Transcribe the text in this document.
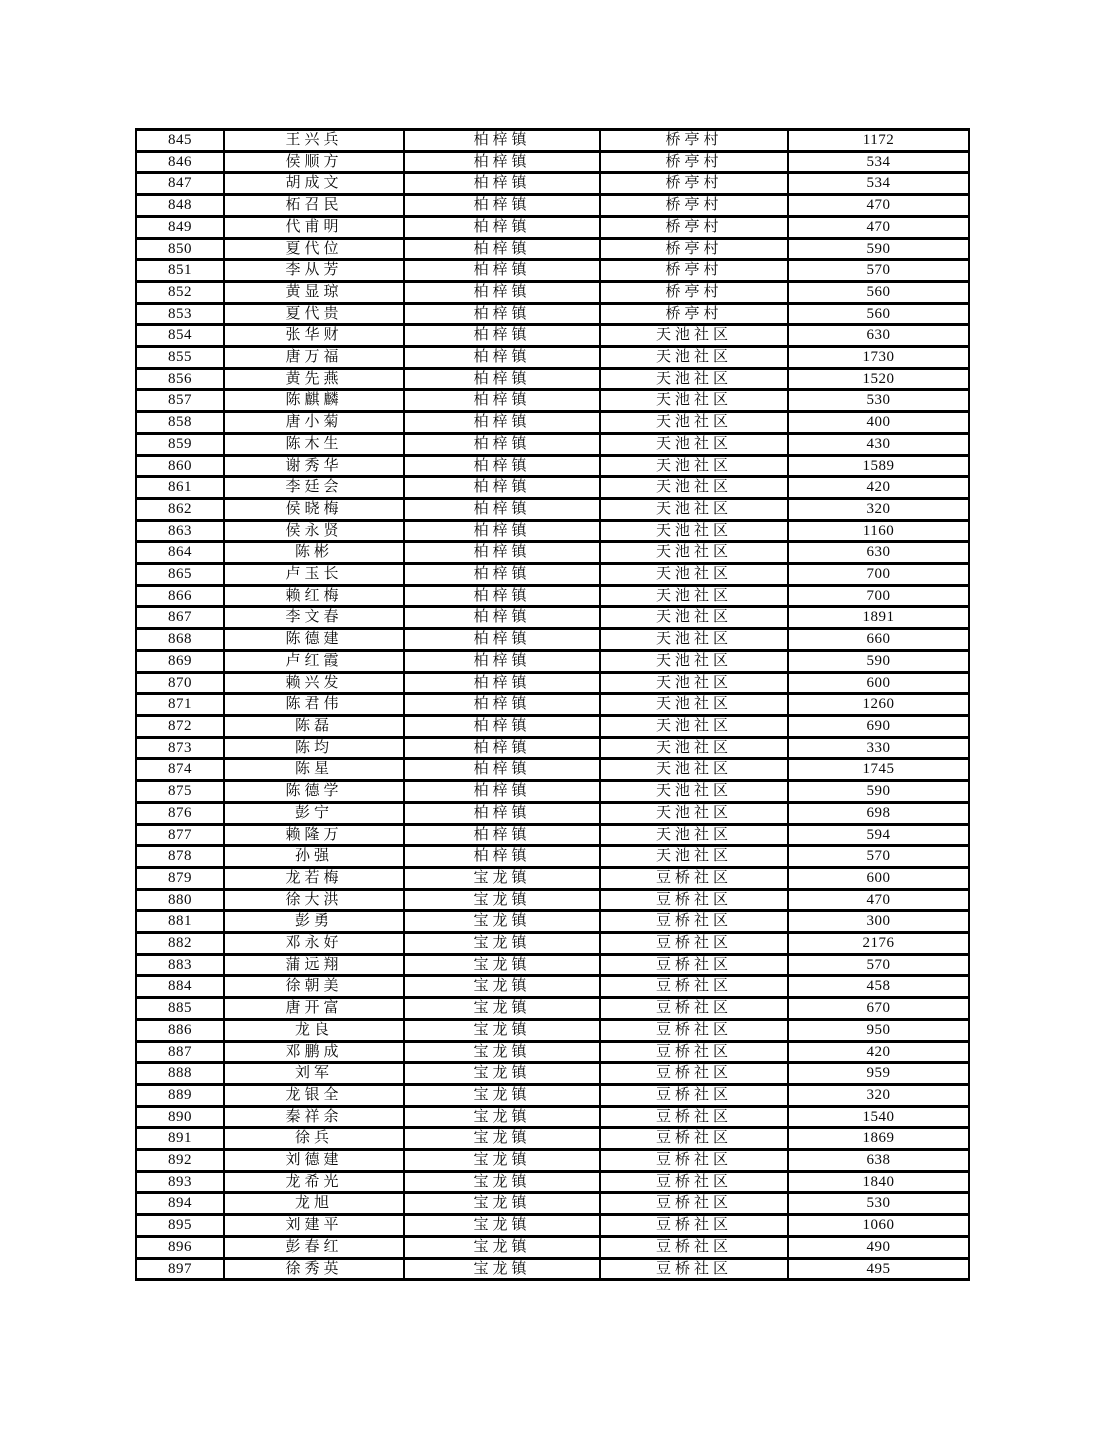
845	王兴兵	柏梓镇	桥亭村	1172
846	侯顺方	柏梓镇	桥亭村	534
847	胡成文	柏梓镇	桥亭村	534
848	柘召民	柏梓镇	桥亭村	470
849	代甫明	柏梓镇	桥亭村	470
850	夏代位	柏梓镇	桥亭村	590
851	李从芳	柏梓镇	桥亭村	570
852	黄显琼	柏梓镇	桥亭村	560
853	夏代贵	柏梓镇	桥亭村	560
854	张华财	柏梓镇	天池社区	630
855	唐万福	柏梓镇	天池社区	1730
856	黄先燕	柏梓镇	天池社区	1520
857	陈麒麟	柏梓镇	天池社区	530
858	唐小菊	柏梓镇	天池社区	400
859	陈木生	柏梓镇	天池社区	430
860	谢秀华	柏梓镇	天池社区	1589
861	李廷会	柏梓镇	天池社区	420
862	侯晓梅	柏梓镇	天池社区	320
863	侯永贤	柏梓镇	天池社区	1160
864	陈彬	柏梓镇	天池社区	630
865	卢玉长	柏梓镇	天池社区	700
866	赖红梅	柏梓镇	天池社区	700
867	李文春	柏梓镇	天池社区	1891
868	陈德建	柏梓镇	天池社区	660
869	卢红霞	柏梓镇	天池社区	590
870	赖兴发	柏梓镇	天池社区	600
871	陈君伟	柏梓镇	天池社区	1260
872	陈磊	柏梓镇	天池社区	690
873	陈均	柏梓镇	天池社区	330
874	陈星	柏梓镇	天池社区	1745
875	陈德学	柏梓镇	天池社区	590
876	彭宁	柏梓镇	天池社区	698
877	赖隆万	柏梓镇	天池社区	594
878	孙强	柏梓镇	天池社区	570
879	龙若梅	宝龙镇	豆桥社区	600
880	徐大洪	宝龙镇	豆桥社区	470
881	彭勇	宝龙镇	豆桥社区	300
882	邓永好	宝龙镇	豆桥社区	2176
883	蒲远翔	宝龙镇	豆桥社区	570
884	徐朝美	宝龙镇	豆桥社区	458
885	唐开富	宝龙镇	豆桥社区	670
886	龙良	宝龙镇	豆桥社区	950
887	邓鹏成	宝龙镇	豆桥社区	420
888	刘军	宝龙镇	豆桥社区	959
889	龙银全	宝龙镇	豆桥社区	320
890	秦祥余	宝龙镇	豆桥社区	1540
891	徐兵	宝龙镇	豆桥社区	1869
892	刘德建	宝龙镇	豆桥社区	638
893	龙希光	宝龙镇	豆桥社区	1840
894	龙旭	宝龙镇	豆桥社区	530
895	刘建平	宝龙镇	豆桥社区	1060
896	彭春红	宝龙镇	豆桥社区	490
897	徐秀英	宝龙镇	豆桥社区	495
